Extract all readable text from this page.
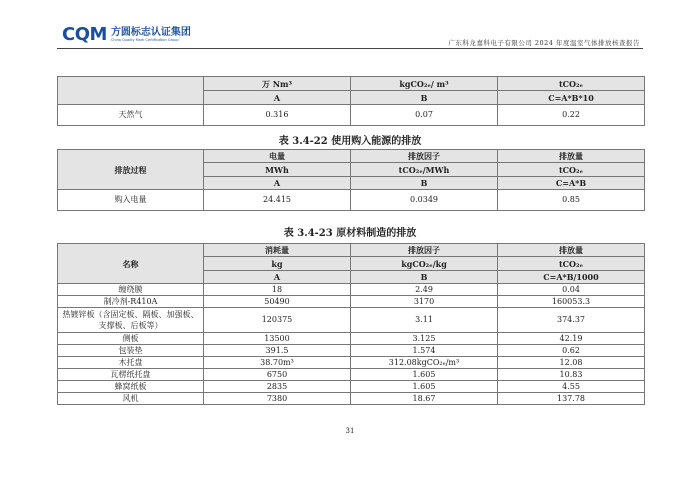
CQM 方圆标志认证集团
China Quality Mark Certification Group	广东科龙嘉科电子有限公司 2024 年度温室气体排放核查报告
	万 Nm³	kgCO₂ₑ/ m³	tCO₂ₑ
	A	B	C=A*B*10
天然气	0.316	0.07	0.22
表 3.4-22 使用购入能源的排放
排放过程	电量	排放因子	排放量
	MWh	tCO₂ₑ/MWh	tCO₂ₑ
	A	B	C=A*B
购入电量	24.415	0.0349	0.85
表 3.4-23 原材料制造的排放
名称	消耗量	排放因子	排放量
	kg	kgCO₂ₑ/kg	tCO₂ₑ
	A	B	C=A*B/1000
缠绕膜	18	2.49	0.04
制冷剂-R410A	50490	3170	160053.3
热镀锌板（含固定板、隔板、加强板、支撑板、后板等）	120375	3.11	374.37
侧板	13500	3.125	42.19
包装垫	391.5	1.574	0.62
木托盘	38.70m³	312.08kgCO₂ₑ/m³	12.08
瓦楞纸托盘	6750	1.605	10.83
蜂窝纸板	2835	1.605	4.55
风机	7380	18.67	137.78
31
